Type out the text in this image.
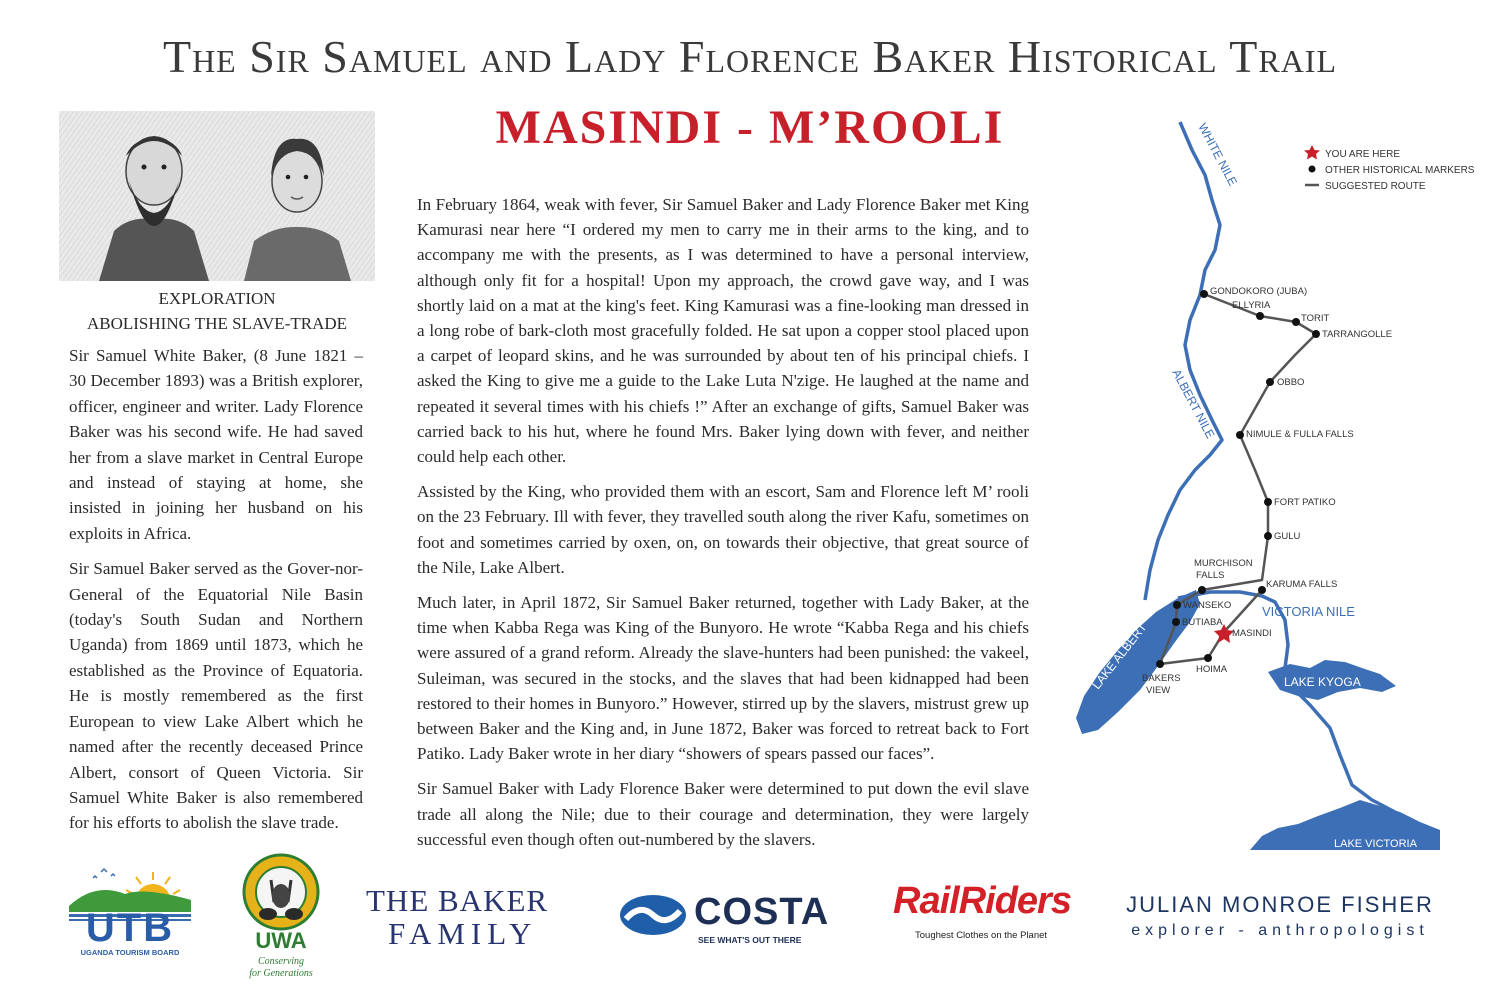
The Sir Samuel and Lady Florence Baker Historical Trail
MASINDI - M’ROOLI
EXPLORATION
ABOLISHING THE SLAVE-TRADE

Sir Samuel White Baker, (8 June 1821 – 30 December 1893) was a British explorer, officer, engineer and writer. Lady Florence Baker was his second wife. He had saved her from a slave market in Central Europe and instead of staying at home, she insisted in joining her husband on his exploits in Africa.

Sir Samuel Baker served as the Gover-nor-General of the Equatorial Nile Basin (today's South Sudan and Northern Uganda) from 1869 until 1873, which he established as the Province of Equatoria. He is mostly remembered as the first European to view Lake Albert which he named after the recently deceased Prince Albert, consort of Queen Victoria. Sir Samuel White Baker is also remembered for his efforts to abolish the slave trade.

In February 1864, weak with fever, Sir Samuel Baker and Lady Florence Baker met King Kamurasi near here “I ordered my men to carry me in their arms to the king, and to accompany me with the presents, as I was determined to have a personal interview, although only fit for a hospital! Upon my approach, the crowd gave way, and I was shortly laid on a mat at the king's feet. King Kamurasi was a fine-looking man dressed in a long robe of bark-cloth most gracefully folded. He sat upon a copper stool placed upon a carpet of leopard skins, and he was surrounded by about ten of his principal chiefs. I asked the King to give me a guide to the Lake Luta N'zige. He laughed at the name and repeated it several times with his chiefs !” After an exchange of gifts, Samuel Baker was carried back to his hut, where he found Mrs. Baker lying down with fever, and neither could help each other.

Assisted by the King, who provided them with an escort, Sam and Florence left M’ rooli on the 23 February. Ill with fever, they travelled south along the river Kafu, sometimes on foot and sometimes carried by oxen, on, on towards their objective, that great source of the Nile, Lake Albert.

Much later, in April 1872, Sir Samuel Baker returned, together with Lady Baker, at the time when Kabba Rega was King of the Bunyoro. He wrote “Kabba Rega and his chiefs were assured of a grand reform. Already the slave-hunters had been punished: the vakeel, Suleiman, was secured in the stocks, and the slaves that had been kidnapped had been restored to their homes in Bunyoro.” However, stirred up by the slavers, mistrust grew up between Baker and the King and, in June 1872, Baker was forced to retreat back to Fort Patiko. Lady Baker wrote in her diary “showers of spears passed our faces”.

Sir Samuel Baker with Lady Florence Baker were determined to put down the evil slave trade all along the Nile; due to their courage and determination, they were largely successful even though often out-numbered by the slavers.

YOU ARE HERE
OTHER HISTORICAL MARKERS
SUGGESTED ROUTE
WHITE NILE
ALBERT NILE
VICTORIA NILE
LAKE ALBERT	LAKE KYOGA
LAKE VICTORIA
GONDOKORO (JUBA)
ELLYRIA
TORIT
TARRANGOLLE
OBBO
NIMULE & FULLA FALLS
FORT PATIKO
GULU
MURCHISON
FALLS
KARUMA FALLS
WANSEKO
BUTIABA
MASINDI
HOIMA
BAKERS
VIEW
UTB
UGANDA TOURISM BOARD	UWA
Conserving
for Generations
THE BAKER
FAMILY
COSTA
SEE WHAT'S OUT THERE
RailRiders
Toughest Clothes on the Planet
JULIAN MONROE FISHER
explorer - anthropologist
